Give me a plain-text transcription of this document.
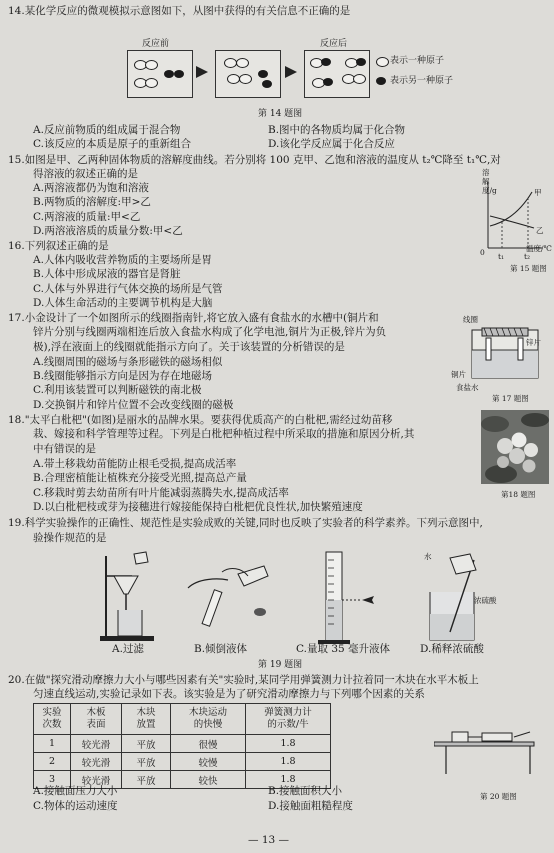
14.某化学反应的微观模拟示意图如下，从图中获得的有关信息不正确的是
反应前	反应后
表示一种原子
表示另一种原子
第 14 题图
A.反应前物质的组成属于混合物	B.图中的各物质均属于化合物
C.该反应的本质是原子的重新组合	D.该化学反应属于化合反应
15.如图是甲、乙两种固体物质的溶解度曲线。若分别将 100 克甲、乙饱和溶液的温度从 t₂℃降至 t₁℃,对
得溶液的叙述正确的是
A.两溶液都仍为饱和溶液
B.两物质的溶解度:甲>乙
C.两溶液的质量:甲<乙
D.两溶液溶质的质量分数:甲<乙
溶解度/g	甲
乙
0 t₁	t₂
温度/℃
第 15 题图
16.下列叙述正确的是
A.人体内吸收营养物质的主要场所是胃
B.人体中形成尿液的器官是肾脏
C.人体与外界进行气体交换的场所是气管
D.人体生命活动的主要调节机构是大脑
17.小金设计了一个如图所示的线圈指南针,将它放入盛有食盐水的水槽中(铜片和
锌片分别与线圈两端相连后放入食盐水构成了化学电池,铜片为正极,锌片为负
极),浮在液面上的线圈就能指示方向了。关于该装置的分析错误的是
A.线圈周围的磁场与条形磁铁的磁场相似
B.线圈能够指示方向是因为存在地磁场
C.利用该装置可以判断磁铁的南北极
D.交换铜片和锌片位置不会改变线圈的磁极
线圈
铜片
锌片
食盐水
第 17 题图
18."太平白枇杷"(如图)是丽水的品牌水果。要获得优质高产的白枇杷,需经过幼苗移
栽、嫁接和科学管理等过程。下列是白枇杷种植过程中所采取的措施和原因分析,其
中有错误的是
A.带土移栽幼苗能防止根毛受损,提高成活率
B.合理密植能让植株充分接受光照,提高总产量
C.移栽时剪去幼苗所有叶片能减弱蒸腾失水,提高成活率
D.以白枇杷枝或芽为接穗进行嫁接能保持白枇杷优良性状,加快繁殖速度
第18 题图
19.科学实验操作的正确性、规范性是实验成败的关键,同时也反映了实验者的科学素养。下列示意图中,
验操作规范的是
水
浓硫酸
A.过滤	B.倾倒液体	C.量取 35 毫升液体	D.稀释浓硫酸
第 19 题图
20.在做"探究滑动摩擦力大小与哪些因素有关"实验时,某同学用弹簧测力计拉着同一木块在水平木板上
匀速直线运动,实验记录如下表。该实验是为了研究滑动摩擦力与下列哪个因素的关系
实验次数	木板表面	木块放置	木块运动的快慢	弹簧测力计的示数/牛

1	较光滑	平放	很慢	1.8
2	较光滑	平放	较慢	1.8
3	较光滑	平放	较快	1.8
第 20 题图
A.接触面压力大小	B.接触面积大小
C.物体的运动速度	D.接触面粗糙程度
— 13 —
